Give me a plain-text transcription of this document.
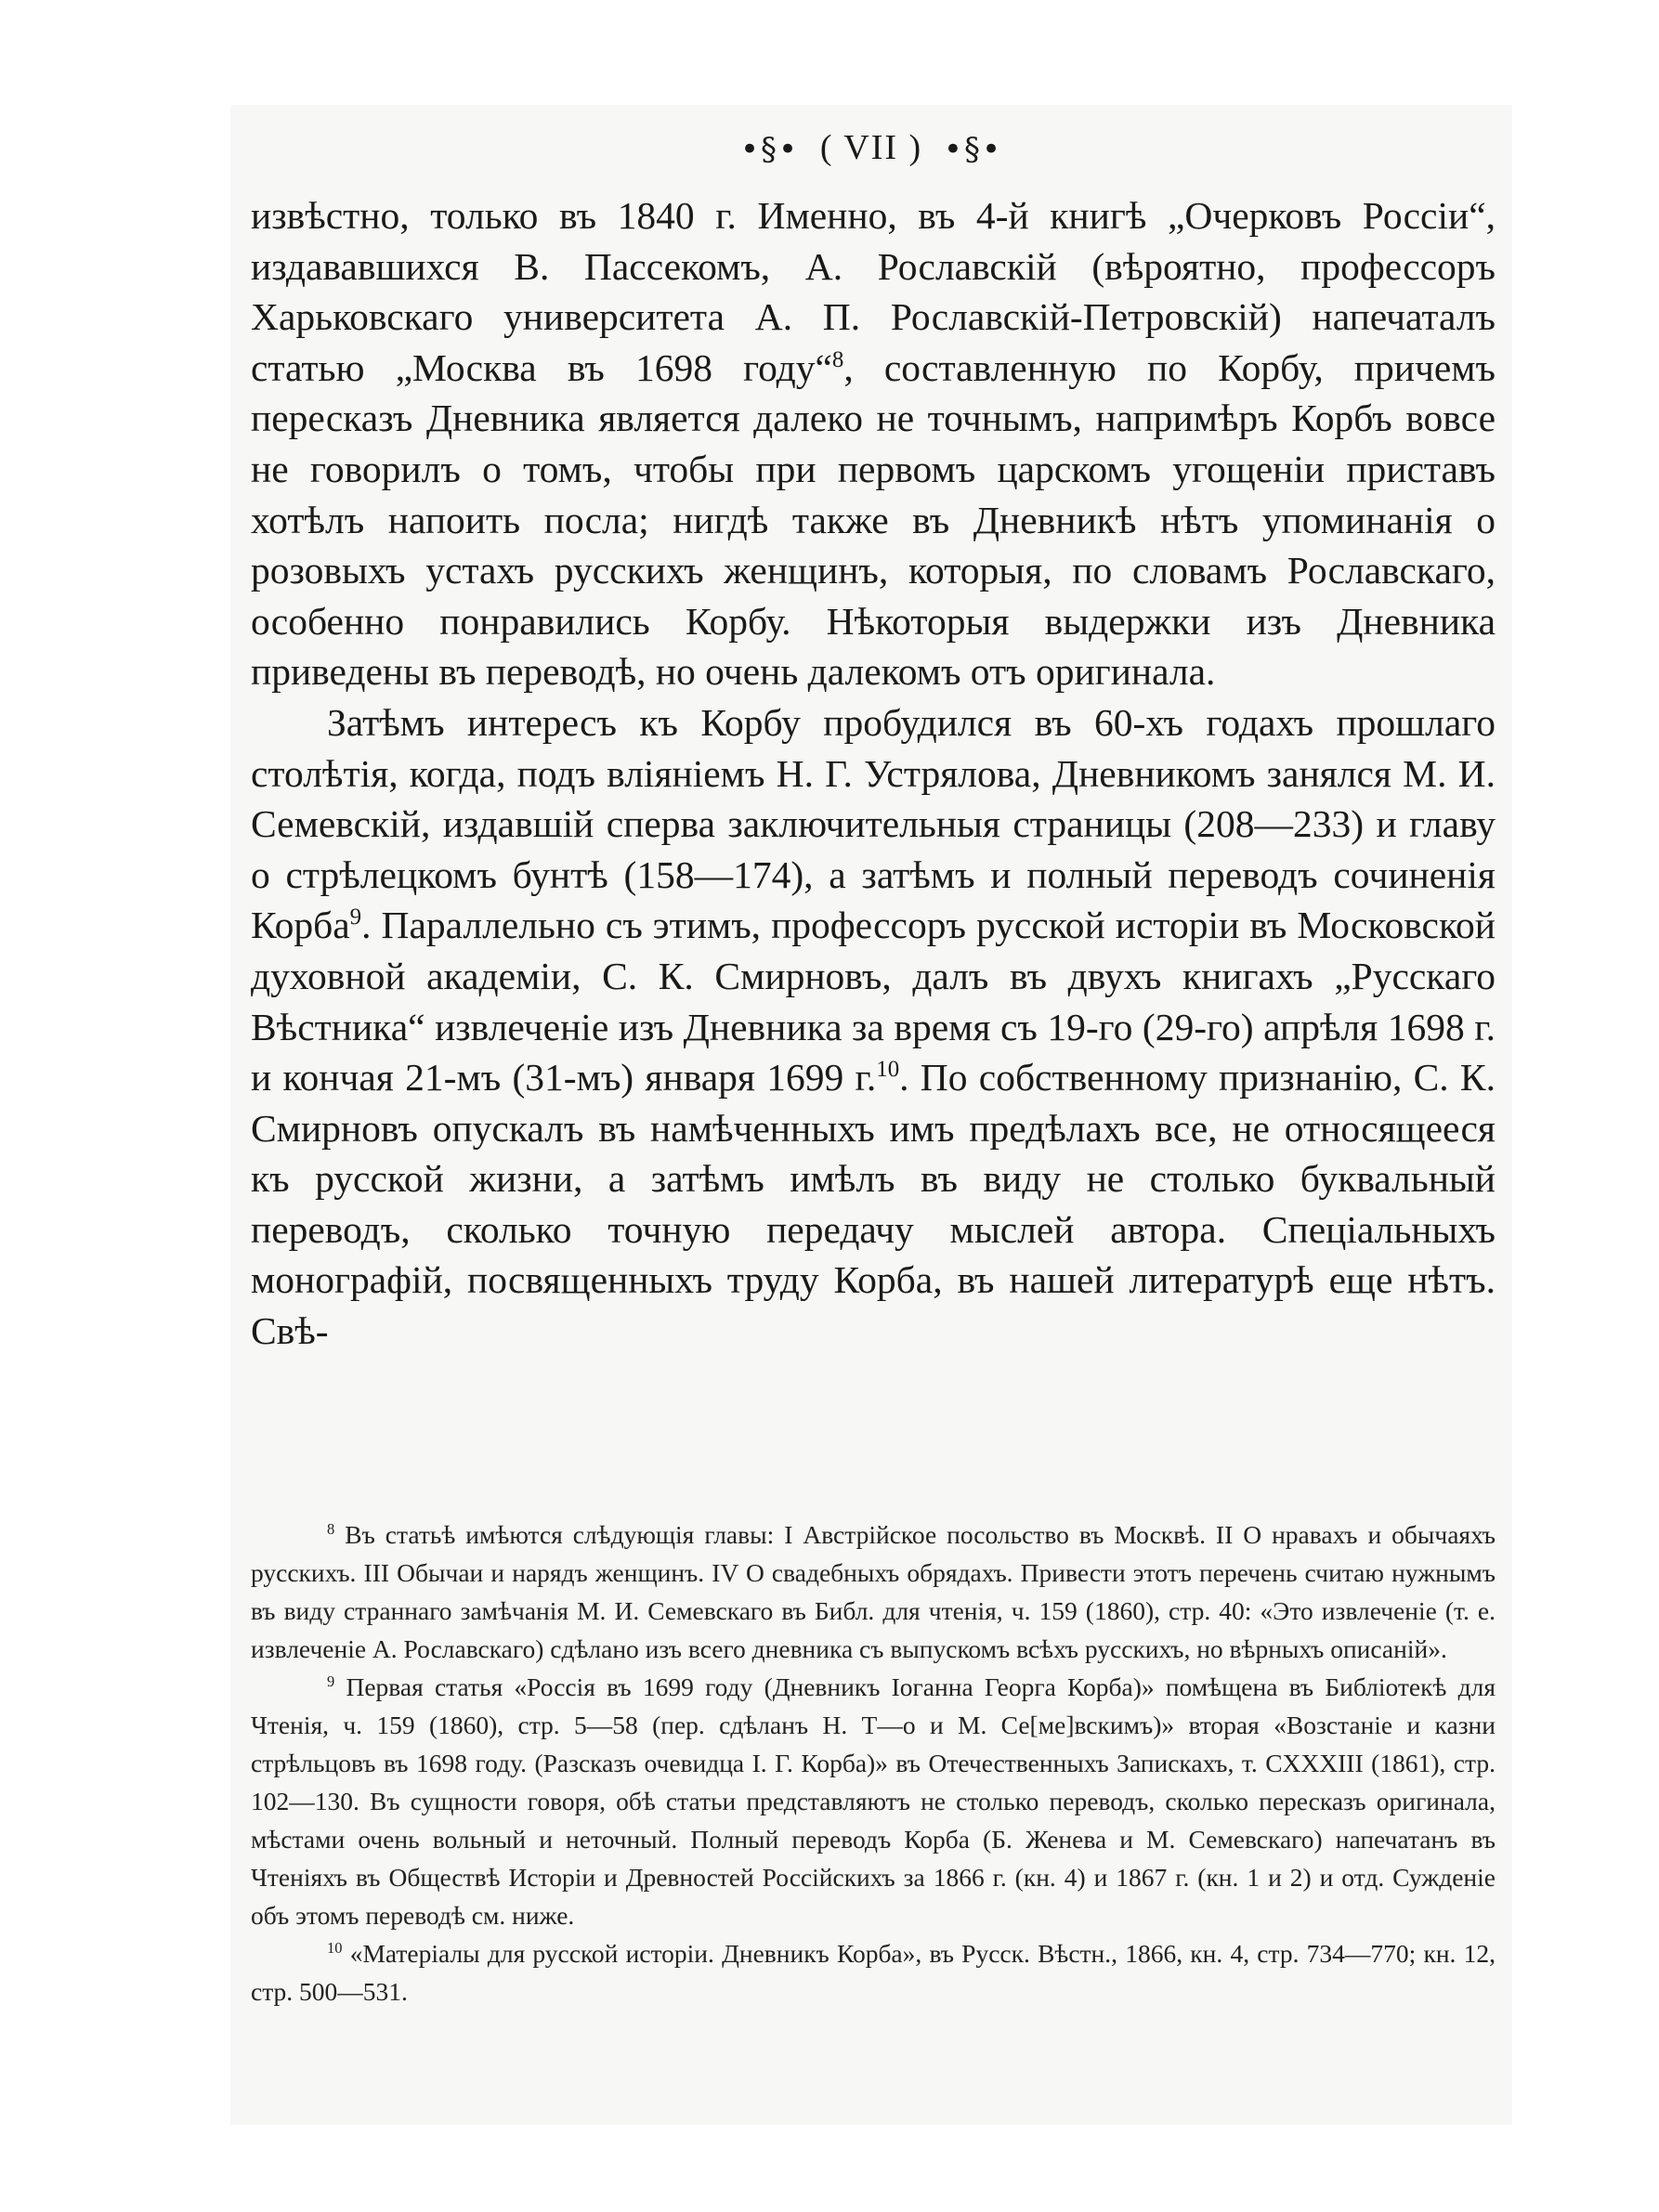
•§• ( VII ) •§•

извѣстно, только въ 1840 г. Именно, въ 4-й книгѣ „Очерковъ Россіи“, издававшихся В. Пассекомъ, А. Рославскій (вѣроятно, профессоръ Харьковскаго университета А. П. Рославскій-Петровскій) напечаталъ статью „Москва въ 1698 году“$^8$, составленную по Корбу, причемъ пересказъ Дневника является далеко не точнымъ, напримѣръ Корбъ вовсе не говорилъ о томъ, чтобы при первомъ царскомъ угощеніи приставъ хотѣлъ напоить посла; нигдѣ также въ Дневникѣ нѣтъ упоминанія о розовыхъ устахъ русскихъ женщинъ, которыя, по словамъ Рославскаго, особенно понравились Корбу. Нѣкоторыя выдержки изъ Дневника приведены въ переводѣ, но очень далекомъ отъ оригинала.

Затѣмъ интересъ къ Корбу пробудился въ 60-хъ годахъ прошлаго столѣтія, когда, подъ вліяніемъ Н. Г. Устрялова, Дневникомъ занялся М. И. Семевскій, издавшій сперва заключительныя страницы (208—233) и главу о стрѣлецкомъ бунтѣ (158—174), а затѣмъ и полный переводъ сочиненія Корба$^9$. Параллельно съ этимъ, профессоръ русской исторіи въ Московской духовной академіи, С. К. Смирновъ, далъ въ двухъ книгахъ „Русскаго Вѣстника“ извлеченіе изъ Дневника за время съ 19-го (29-го) апрѣля 1698 г. и кончая 21-мъ (31-мъ) января 1699 г.$^{10}$. По собственному признанію, С. К. Смирновъ опускалъ въ намѣченныхъ имъ предѣлахъ все, не относящееся къ русской жизни, а затѣмъ имѣлъ въ виду не столько буквальный переводъ, сколько точную передачу мыслей автора. Спеціальныхъ монографій, посвященныхъ труду Корба, въ нашей литературѣ еще нѣтъ. Свѣ-

$^8$ Въ статьѣ имѣются слѣдующія главы: I Австрійское посольство въ Москвѣ. II О нравахъ и обычаяхъ русскихъ. III Обычаи и нарядъ женщинъ. IV О свадебныхъ обрядахъ. Привести этотъ перечень считаю нужнымъ въ виду страннаго замѣчанія М. И. Семевскаго въ Библ. для чтенія, ч. 159 (1860), стр. 40: «Это извлеченіе (т. е. извлеченіе А. Рославскаго) сдѣлано изъ всего дневника съ выпускомъ всѣхъ русскихъ, но вѣрныхъ описаній».

$^9$ Первая статья «Россія въ 1699 году (Дневникъ Іоганна Георга Корба)» помѣщена въ Библіотекѣ для Чтенія, ч. 159 (1860), стр. 5—58 (пер. сдѣланъ Н. Т—о и М. Се[ме]вскимъ)» вторая «Возстаніе и казни стрѣльцовъ въ 1698 году. (Разсказъ очевидца І. Г. Корба)» въ Отечественныхъ Запискахъ, т. CXXXIII (1861), стр. 102—130. Въ сущности говоря, обѣ статьи представляютъ не столько переводъ, сколько пересказъ оригинала, мѣстами очень вольный и неточный. Полный переводъ Корба (Б. Женева и М. Семевскаго) напечатанъ въ Чтеніяхъ въ Обществѣ Исторіи и Древностей Россійскихъ за 1866 г. (кн. 4) и 1867 г. (кн. 1 и 2) и отд. Сужденіе объ этомъ переводѣ см. ниже.

$^{10}$ «Матеріалы для русской исторіи. Дневникъ Корба», въ Русск. Вѣстн., 1866, кн. 4, стр. 734—770; кн. 12, стр. 500—531.
